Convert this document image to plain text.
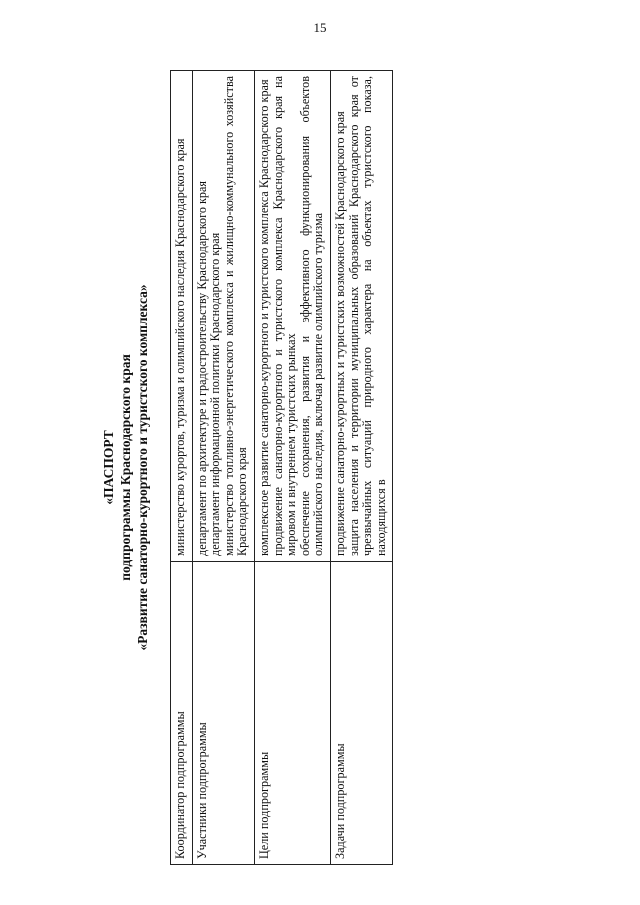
15
«ПАСПОРТ подпрограммы Краснодарского края «Развитие санаторно-курортного и туристского комплекса»
Координатор подпрограммы	министерство курортов, туризма и олимпийского наследия Краснодарского края

Участники подпрограммы	департамент по архитектуре и градостроительству Краснодарского края департамент информационной политики Краснодарского края министерство топливно-энергетического комплекса и жилищно-коммунального хозяйства Краснодарского края

Цели подпрограммы	комплексное развитие санаторно-курортного и туристского комплекса Краснодарского края продвижение санаторно-курортного и туристского комплекса Краснодарского края на мировом и внутреннем туристских рынках обеспечение сохранения, развития и эффективного функционирования объектов олимпийского наследия, включая развитие олимпийского туризма

Задачи подпрограммы	продвижение санаторно-курортных и туристских возможностей Краснодарского края защита населения и территории муниципальных образований Краснодарского края от чрезвычайных ситуаций природного характера на объектах туристского показа, находящихся в
